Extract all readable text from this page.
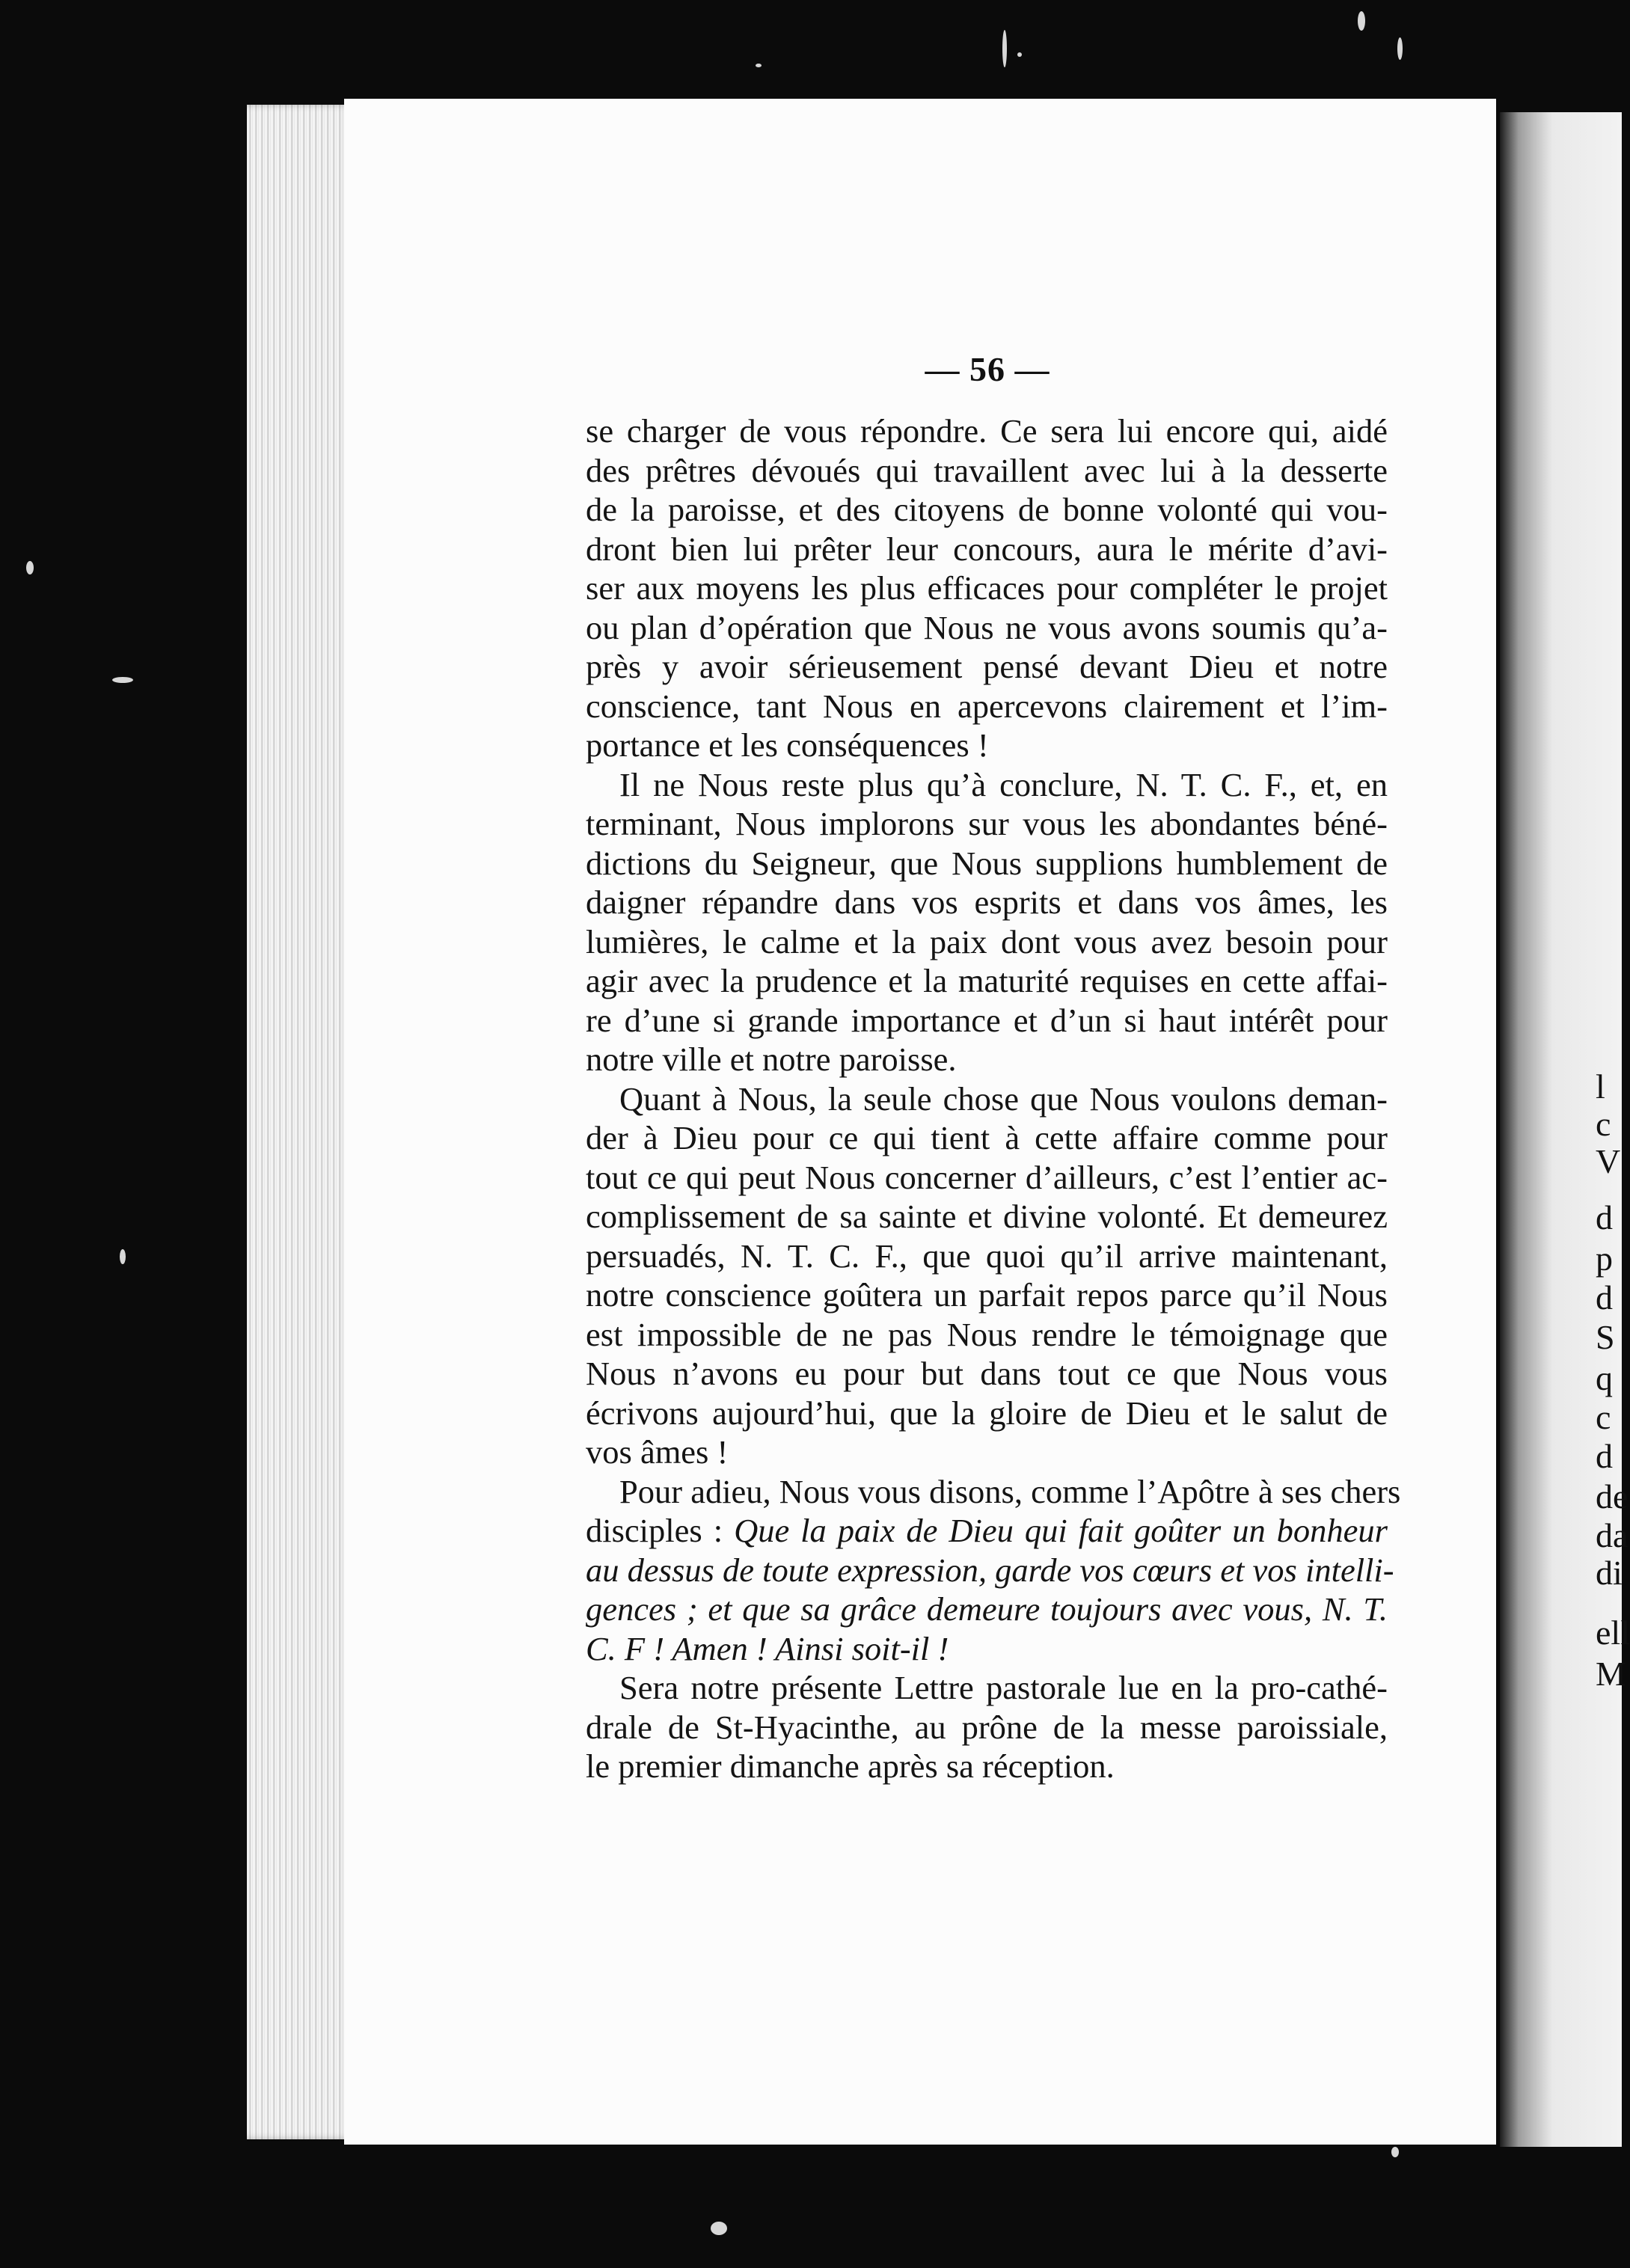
l
c
V
d
p
d
S
q
c
d
de
da
di
ell
M
— 56 —
se charger de vous répondre. Ce sera lui encore qui, aidé
des prêtres dévoués qui travaillent avec lui à la desserte
de la paroisse, et des citoyens de bonne volonté qui vou-
dront bien lui prêter leur concours, aura le mérite d’avi-
ser aux moyens les plus efficaces pour compléter le projet
ou plan d’opération que Nous ne vous avons soumis qu’a-
près y avoir sérieusement pensé devant Dieu et notre
conscience, tant Nous en apercevons clairement et l’im-
portance et les conséquences !
Il ne Nous reste plus qu’à conclure, N. T. C. F., et, en
terminant, Nous implorons sur vous les abondantes béné-
dictions du Seigneur, que Nous supplions humblement de
daigner répandre dans vos esprits et dans vos âmes, les
lumières, le calme et la paix dont vous avez besoin pour
agir avec la prudence et la maturité requises en cette affai-
re d’une si grande importance et d’un si haut intérêt pour
notre ville et notre paroisse.
Quant à Nous, la seule chose que Nous voulons deman-
der à Dieu pour ce qui tient à cette affaire comme pour
tout ce qui peut Nous concerner d’ailleurs, c’est l’entier ac-
complissement de sa sainte et divine volonté. Et demeurez
persuadés, N. T. C. F., que quoi qu’il arrive maintenant,
notre conscience goûtera un parfait repos parce qu’il Nous
est impossible de ne pas Nous rendre le témoignage que
Nous n’avons eu pour but dans tout ce que Nous vous
écrivons aujourd’hui, que la gloire de Dieu et le salut de
vos âmes !
Pour adieu, Nous vous disons, comme l’Apôtre à ses chers
disciples : Que la paix de Dieu qui fait goûter un bonheur
au dessus de toute expression, garde vos cœurs et vos intelli-
gences ; et que sa grâce demeure toujours avec vous, N. T.
C. F ! Amen ! Ainsi soit-il !
Sera notre présente Lettre pastorale lue en la pro-cathé-
drale de St-Hyacinthe, au prône de la messe paroissiale,
le premier dimanche après sa réception.
